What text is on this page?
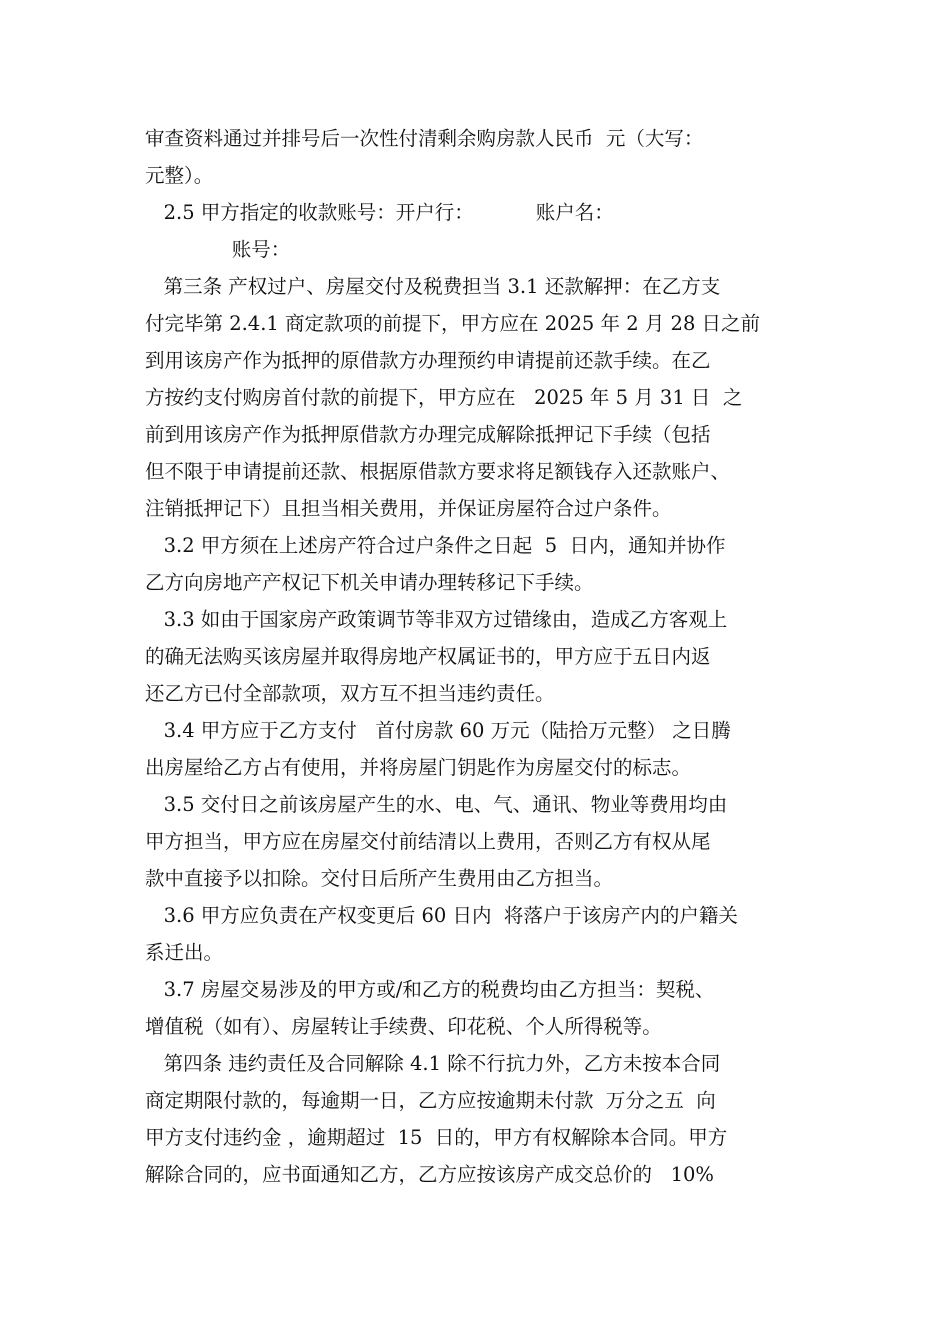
审查资料通过并排号后一次性付清剩余购房款人民币  元（大写：
元整）。
2.5 甲方指定的收款账号：开户行：          账户名：
账号：
第三条 产权过户、房屋交付及税费担当 3.1 还款解押：在乙方支
付完毕第 2.4.1 商定款项的前提下，甲方应在 2025 年 2 月 28 日之前
到用该房产作为抵押的原借款方办理预约申请提前还款手续。在乙
方按约支付购房首付款的前提下，甲方应在   2025 年 5 月 31 日  之
前到用该房产作为抵押原借款方办理完成解除抵押记下手续（包括
但不限于申请提前还款、根据原借款方要求将足额钱存入还款账户、
注销抵押记下）且担当相关费用，并保证房屋符合过户条件。
3.2 甲方须在上述房产符合过户条件之日起  5  日内，通知并协作
乙方向房地产产权记下机关申请办理转移记下手续。
3.3 如由于国家房产政策调节等非双方过错缘由，造成乙方客观上
的确无法购买该房屋并取得房地产权属证书的，甲方应于五日内返
还乙方已付全部款项，双方互不担当违约责任。
3.4 甲方应于乙方支付   首付房款 60 万元（陆拾万元整） 之日腾
出房屋给乙方占有使用，并将房屋门钥匙作为房屋交付的标志。
3.5 交付日之前该房屋产生的水、电、气、通讯、物业等费用均由
甲方担当，甲方应在房屋交付前结清以上费用，否则乙方有权从尾
款中直接予以扣除。交付日后所产生费用由乙方担当。
3.6 甲方应负责在产权变更后 60 日内  将落户于该房产内的户籍关
系迁出。
3.7 房屋交易涉及的甲方或/和乙方的税费均由乙方担当：契税、
增值税（如有）、房屋转让手续费、印花税、个人所得税等。
第四条 违约责任及合同解除 4.1 除不行抗力外，乙方未按本合同
商定期限付款的，每逾期一日，乙方应按逾期未付款  万分之五  向
甲方支付违约金 ，逾期超过  15  日的，甲方有权解除本合同。甲方
解除合同的，应书面通知乙方，乙方应按该房产成交总价的   10%
